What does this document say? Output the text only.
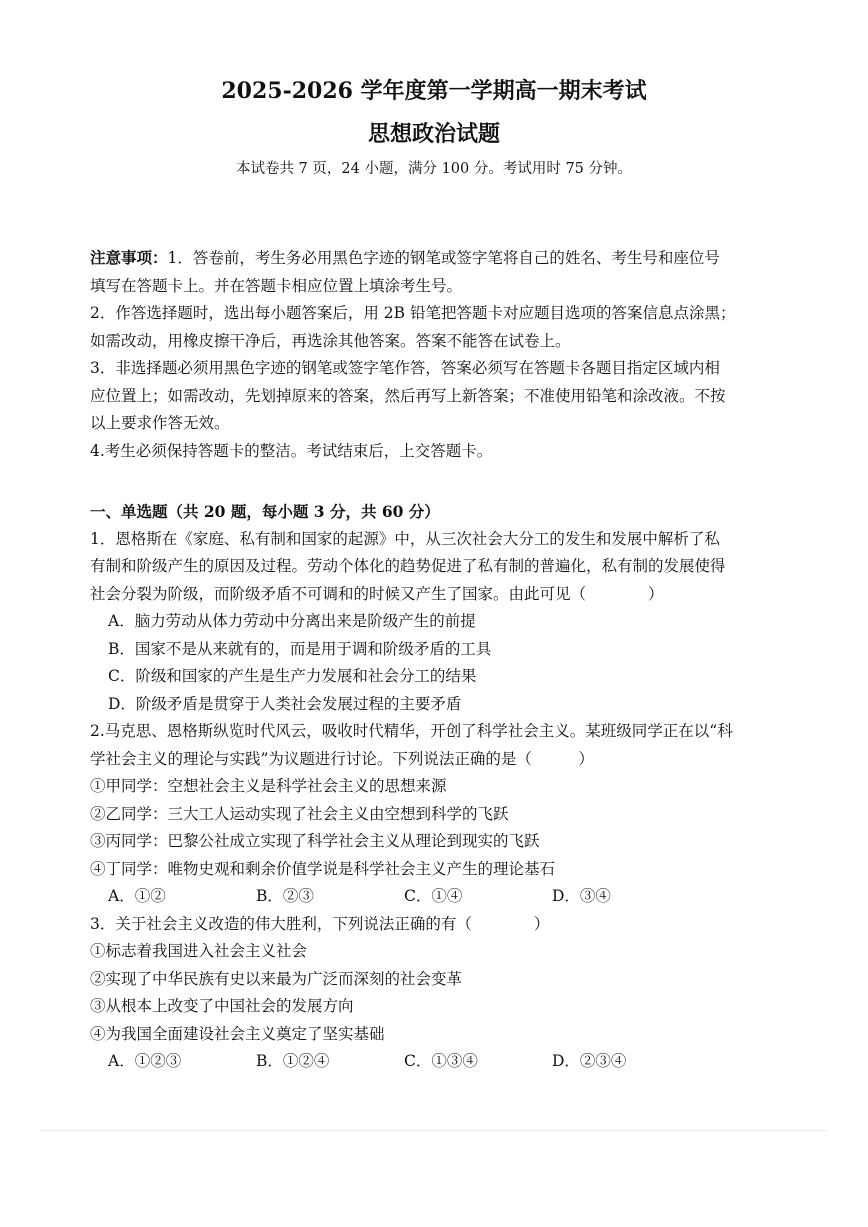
2025-2026 学年度第一学期高一期末考试
思想政治试题
本试卷共 7 页，24 小题，满分 100 分。考试用时 75 分钟。
注意事项：1．答卷前，考生务必用黑色字迹的钢笔或签字笔将自己的姓名、考生号和座位号
填写在答题卡上。并在答题卡相应位置上填涂考生号。
2．作答选择题时，选出每小题答案后，用 2B 铅笔把答题卡对应题目选项的答案信息点涂黑；
如需改动，用橡皮擦干净后，再选涂其他答案。答案不能答在试卷上。
3．非选择题必须用黑色字迹的钢笔或签字笔作答，答案必须写在答题卡各题目指定区域内相
应位置上；如需改动，先划掉原来的答案，然后再写上新答案；不准使用铅笔和涂改液。不按
以上要求作答无效。
4.考生必须保持答题卡的整洁。考试结束后，上交答题卡。
一、单选题（共 20 题，每小题 3 分，共 60 分）
1．恩格斯在《家庭、私有制和国家的起源》中，从三次社会大分工的发生和发展中解析了私
有制和阶级产生的原因及过程。劳动个体化的趋势促进了私有制的普遍化，私有制的发展使得
社会分裂为阶级，而阶级矛盾不可调和的时候又产生了国家。由此可见（　　　　）
A．脑力劳动从体力劳动中分离出来是阶级产生的前提
B．国家不是从来就有的，而是用于调和阶级矛盾的工具
C．阶级和国家的产生是生产力发展和社会分工的结果
D．阶级矛盾是贯穿于人类社会发展过程的主要矛盾
2.马克思、恩格斯纵览时代风云，吸收时代精华，开创了科学社会主义。某班级同学正在以“科
学社会主义的理论与实践”为议题进行讨论。下列说法正确的是（　　　）
①甲同学：空想社会主义是科学社会主义的思想来源
②乙同学：三大工人运动实现了社会主义由空想到科学的飞跃
③丙同学：巴黎公社成立实现了科学社会主义从理论到现实的飞跃
④丁同学：唯物史观和剩余价值学说是科学社会主义产生的理论基石
A．①②	B．②③	C．①④	D．③④
3．关于社会主义改造的伟大胜利，下列说法正确的有（　　　　）
①标志着我国进入社会主义社会
②实现了中华民族有史以来最为广泛而深刻的社会变革
③从根本上改变了中国社会的发展方向
④为我国全面建设社会主义奠定了坚实基础
A．①②③	B．①②④	C．①③④	D．②③④
